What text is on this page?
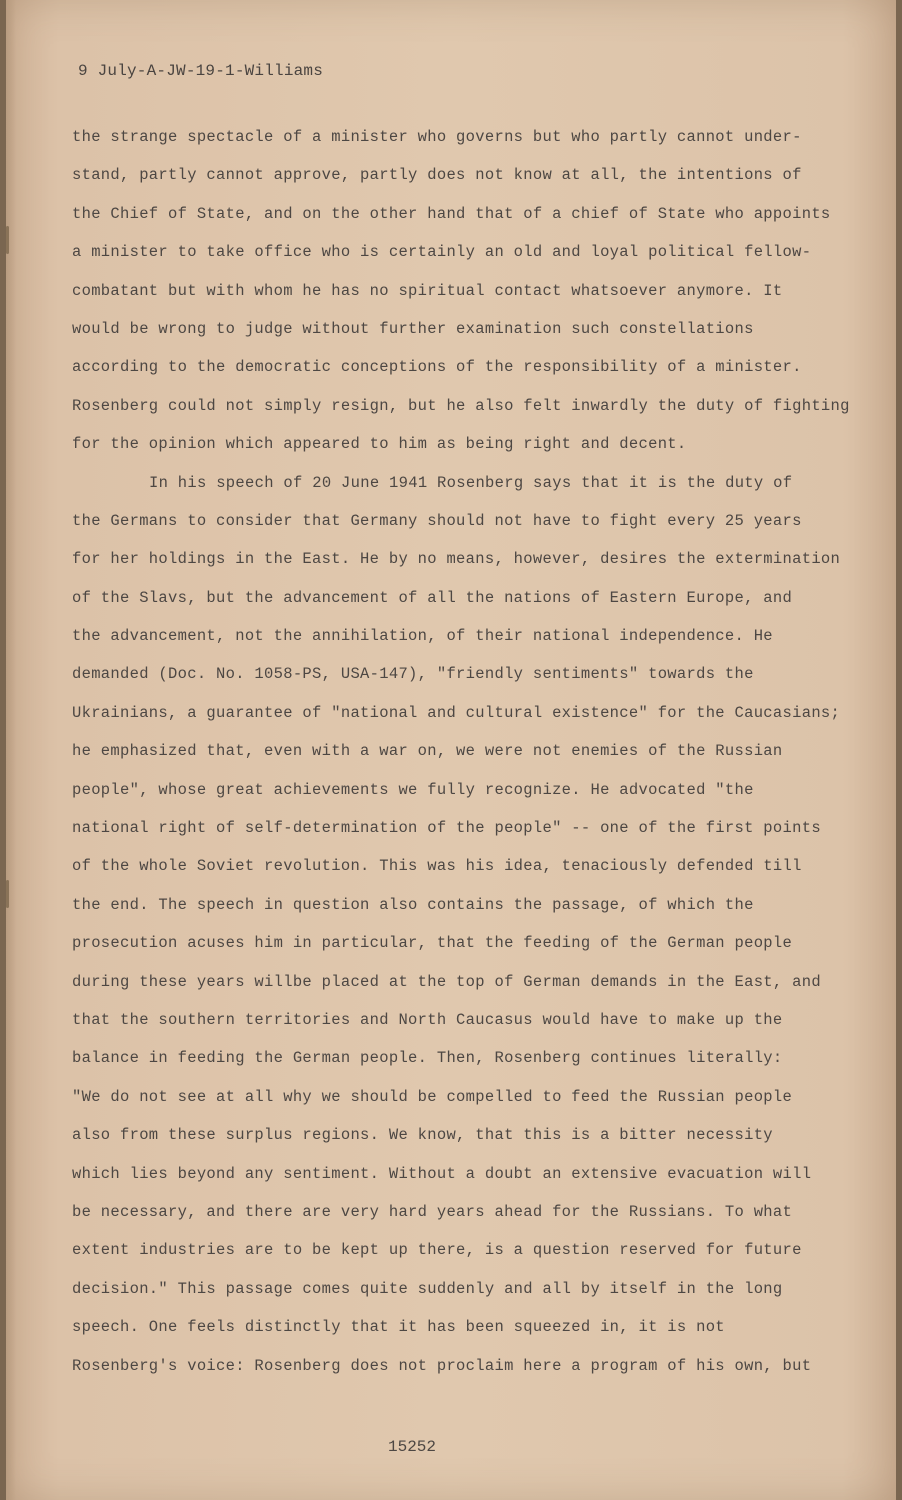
9 July-A-JW-19-1-Williams
the strange spectacle of a minister who governs but who partly cannot under-
stand, partly cannot approve, partly does not know at all, the intentions of
the Chief of State, and on the other hand that of a chief of State who appoints
a minister to take office who is certainly an old and loyal political fellow-
combatant but with whom he has no spiritual contact whatsoever anymore. It
would be wrong to judge without further examination such constellations
according to the democratic conceptions of the responsibility of a minister.
Rosenberg could not simply resign, but he also felt inwardly the duty of fighting
for the opinion which appeared to him as being right and decent.
In his speech of 20 June 1941 Rosenberg says that it is the duty of
the Germans to consider that Germany should not have to fight every 25 years
for her holdings in the East. He by no means, however, desires the extermination
of the Slavs, but the advancement of all the nations of Eastern Europe, and
the advancement, not the annihilation, of their national independence. He
demanded (Doc. No. 1058-PS, USA-147), "friendly sentiments" towards the
Ukrainians, a guarantee of "national and cultural existence" for the Caucasians;
he emphasized that, even with a war on, we were not enemies of the Russian
people", whose great achievements we fully recognize. He advocated "the
national right of self-determination of the people" -- one of the first points
of the whole Soviet revolution. This was his idea, tenaciously defended till
the end. The speech in question also contains the passage, of which the
prosecution acuses him in particular, that the feeding of the German people
during these years willbe placed at the top of German demands in the East, and
that the southern territories and North Caucasus would have to make up the
balance in feeding the German people. Then, Rosenberg continues literally:
"We do not see at all why we should be compelled to feed the Russian people
also from these surplus regions. We know, that this is a bitter necessity
which lies beyond any sentiment. Without a doubt an extensive evacuation will
be necessary, and there are very hard years ahead for the Russians. To what
extent industries are to be kept up there, is a question reserved for future
decision." This passage comes quite suddenly and all by itself in the long
speech. One feels distinctly that it has been squeezed in, it is not
Rosenberg's voice: Rosenberg does not proclaim here a program of his own, but
15252
